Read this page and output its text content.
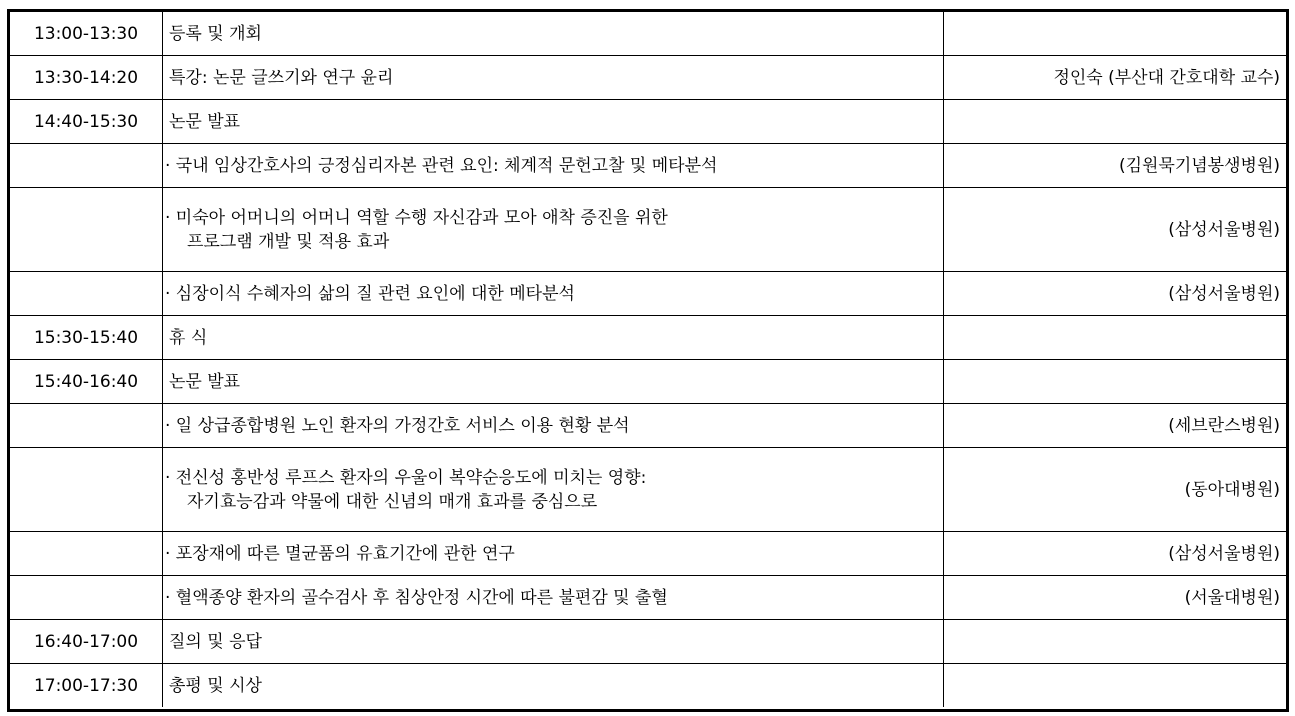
13:00-13:30	등록 및 개회	
13:30-14:20	특강: 논문 글쓰기와 연구 윤리	정인숙 (부산대 간호대학 교수)
14:40-15:30	논문 발표	
	· 국내 임상간호사의 긍정심리자본 관련 요인: 체계적 문헌고찰 및 메타분석	(김원묵기념봉생병원)

	· 미숙아 어머니의 어머니 역할 수행 자신감과 모아 애착 증진을 위한
프로그램 개발 및 적용 효과	(삼성서울병원)
	· 심장이식 수혜자의 삶의 질 관련 요인에 대한 메타분석	(삼성서울병원)
15:30-15:40	휴 식	
15:40-16:40	논문 발표	
	· 일 상급종합병원 노인 환자의 가정간호 서비스 이용 현황 분석	(세브란스병원)

	· 전신성 홍반성 루프스 환자의 우울이 복약순응도에 미치는 영향:
자기효능감과 약물에 대한 신념의 매개 효과를 중심으로	(동아대병원)
	· 포장재에 따른 멸균품의 유효기간에 관한 연구	(삼성서울병원)
	· 혈액종양 환자의 골수검사 후 침상안정 시간에 따른 불편감 및 출혈	(서울대병원)
16:40-17:00	질의 및 응답	
17:00-17:30	총평 및 시상	
